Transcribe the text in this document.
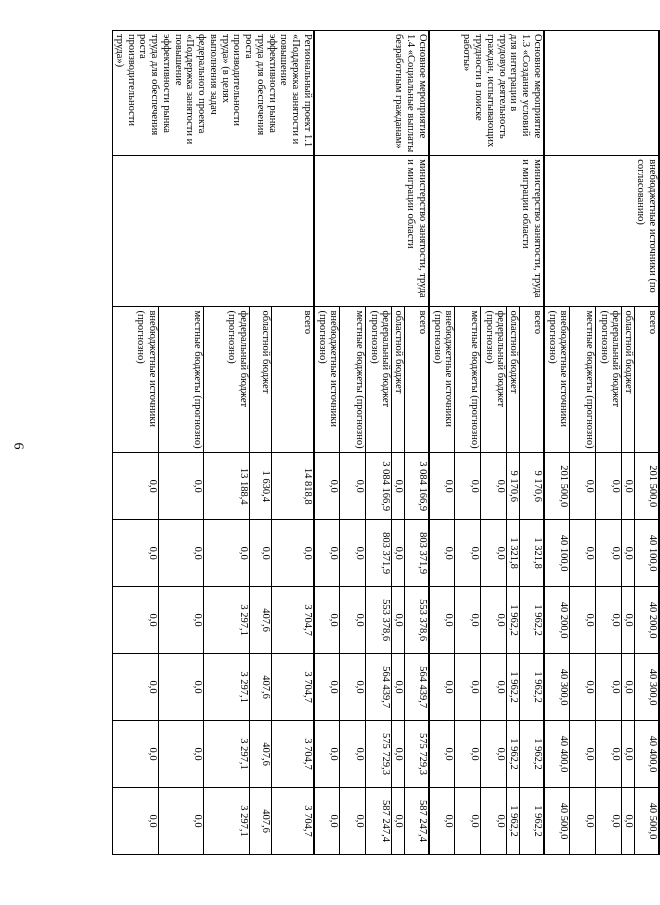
6
	внебюджетные источники (по согласованию)	всего	201 500,0	40 100,0	40 200,0	40 300,0	40 400,0	40 500,0
		областной бюджет	0,0	0,0	0,0	0,0	0,0	0,0
		федеральный бюджет (прогнозно)	0,0	0,0	0,0	0,0	0,0	0,0
		местные бюджеты (прогнозно)	0,0	0,0	0,0	0,0	0,0	0,0
		внебюджетные источники (прогнозно)	201 500,0	40 100,0	40 200,0	40 300,0	40 400,0	40 500,0
Основное мероприятие 1.3 «Создание условий для интеграции в трудовую деятельность граждан, испытывающих трудности в поиске работы»	министерство занятости, труда и миграции области	всего	9 170,6	1 321,8	1 962,2	1 962,2	1 962,2	1 962,2
		областной бюджет	9 170,6	1 321,8	1 962,2	1 962,2	1 962,2	1 962,2
		федеральный бюджет (прогнозно)	0,0	0,0	0,0	0,0	0,0	0,0
		местные бюджеты (прогнозно)	0,0	0,0	0,0	0,0	0,0	0,0
		внебюджетные источники (прогнозно)	0,0	0,0	0,0	0,0	0,0	0,0
Основное мероприятие 1.4 «Социальные выплаты безработным гражданам»	министерство занятости, труда и миграции области	всего	3 084 166,9	803 371,9	553 378,6	564 439,7	575 729,3	587 247,4
		областной бюджет	0,0	0,0	0,0	0,0	0,0	0,0
		федеральный бюджет (прогнозно)	3 084 166,9	803 371,9	553 378,6	564 439,7	575 729,3	587 247,4
		местные бюджеты (прогнозно)	0,0	0,0	0,0	0,0	0,0	0,0
		внебюджетные источники (прогнозно)	0,0	0,0	0,0	0,0	0,0	0,0
Региональный проект 1.1 «Поддержка занятости и повышение эффективности рынка труда для обеспечения роста производительности труда» (в целях выполнения задач федерального проекта «Поддержка занятости и повышение эффективности рынка труда для обеспечения роста производительности труда»)		всего	14 818,8	0,0	3 704,7	3 704,7	3 704,7	3 704,7
		областной бюджет	1 630,4	0,0	407,6	407,6	407,6	407,6
		федеральный бюджет (прогнозно)	13 188,4	0,0	3 297,1	3 297,1	3 297,1	3 297,1
		местные бюджеты (прогнозно)	0,0	0,0	0,0	0,0	0,0	0,0
		внебюджетные источники (прогнозно)	0,0	0,0	0,0	0,0	0,0	0,0
